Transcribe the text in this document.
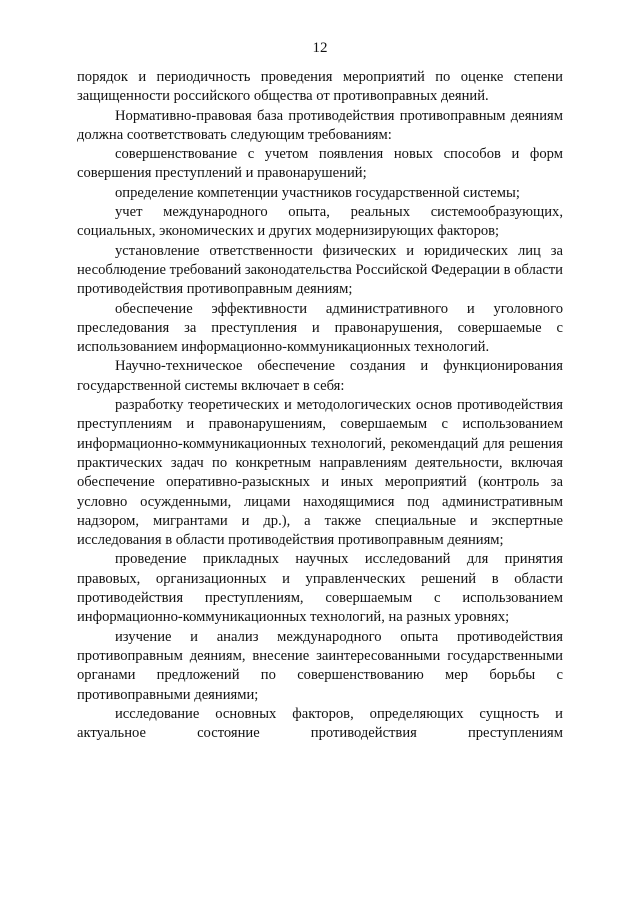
12

порядок и периодичность проведения мероприятий по оценке степени защищенности российского общества от противоправных деяний.

Нормативно-правовая база противодействия противоправным деяниям должна соответствовать следующим требованиям:

совершенствование с учетом появления новых способов и форм совершения преступлений и правонарушений;

определение компетенции участников государственной системы;

учет международного опыта, реальных системообразующих, социальных, экономических и других модернизирующих факторов;

установление ответственности физических и юридических лиц за несоблюдение требований законодательства Российской Федерации в области противодействия противоправным деяниям;

обеспечение эффективности административного и уголовного преследования за преступления и правонарушения, совершаемые с использованием информационно-коммуникационных технологий.

Научно-техническое обеспечение создания и функционирования государственной системы включает в себя:

разработку теоретических и методологических основ противодействия преступлениям и правонарушениям, совершаемым с использованием информационно-коммуникационных технологий, рекомендаций для решения практических задач по конкретным направлениям деятельности, включая обеспечение оперативно-разыскных и иных мероприятий (контроль за условно осужденными, лицами находящимися под административным надзором, мигрантами и др.), а также специальные и экспертные исследования в области противодействия противоправным деяниям;

проведение прикладных научных исследований для принятия правовых, организационных и управленческих решений в области противодействия преступлениям, совершаемым с использованием информационно-коммуникационных технологий, на разных уровнях;

изучение и анализ международного опыта противодействия противоправным деяниям, внесение заинтересованными государственными органами предложений по совершенствованию мер борьбы с противоправными деяниями;

исследование основных факторов, определяющих сущность и актуальное состояние противодействия преступлениям
